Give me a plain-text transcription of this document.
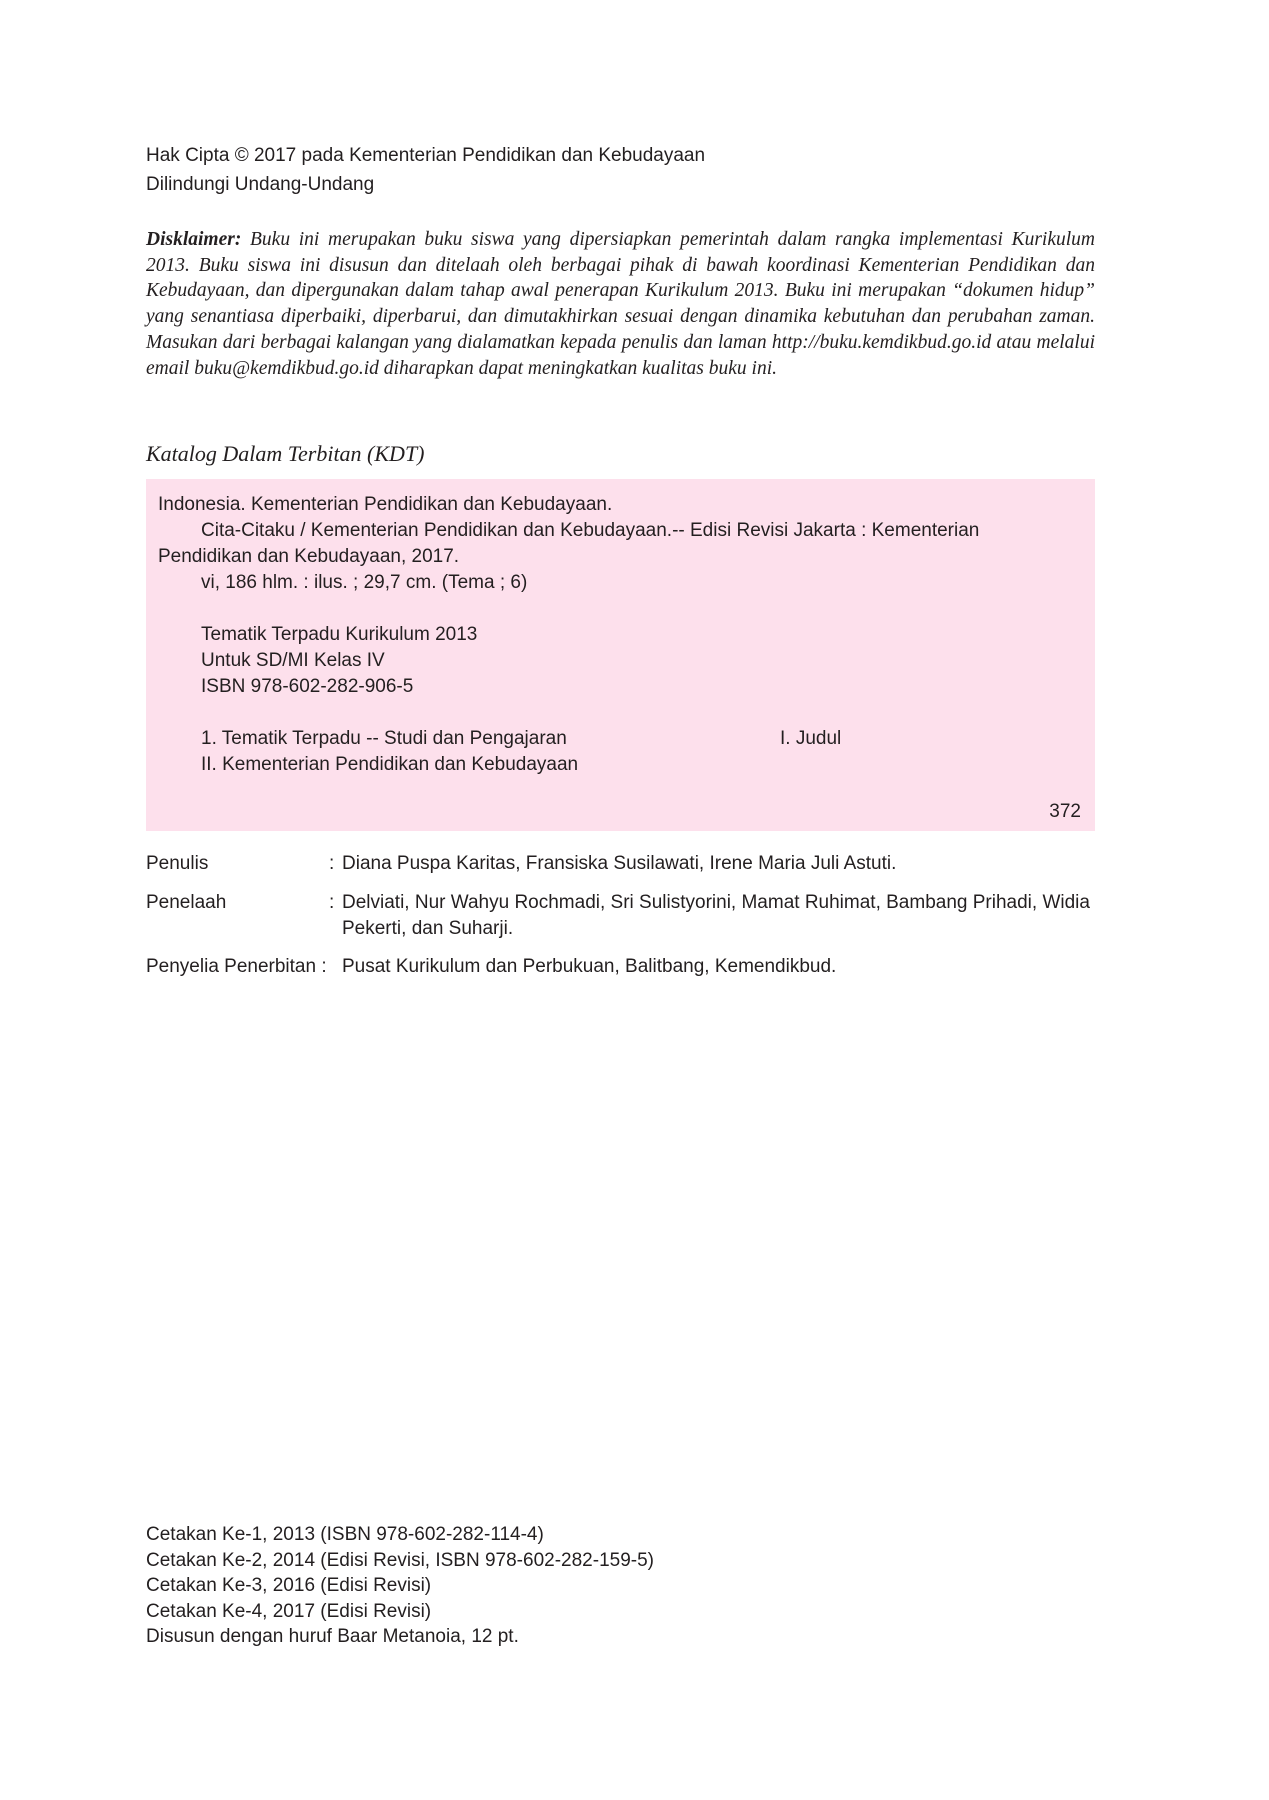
Hak Cipta © 2017 pada Kementerian Pendidikan dan Kebudayaan
Dilindungi Undang-Undang

Disklaimer: Buku ini merupakan buku siswa yang dipersiapkan pemerintah dalam rangka implementasi Kurikulum 2013. Buku siswa ini disusun dan ditelaah oleh berbagai pihak di bawah koordinasi Kementerian Pendidikan dan Kebudayaan, dan dipergunakan dalam tahap awal penerapan Kurikulum 2013. Buku ini merupakan “dokumen hidup” yang senantiasa diperbaiki, diperbarui, dan dimutakhirkan sesuai dengan dinamika kebutuhan dan perubahan zaman. Masukan dari berbagai kalangan yang dialamatkan kepada penulis dan laman http://buku.kemdikbud.go.id atau melalui email buku@kemdikbud.go.id diharapkan dapat meningkatkan kualitas buku ini.

Katalog Dalam Terbitan (KDT)
Indonesia. Kementerian Pendidikan dan Kebudayaan.
Cita-Citaku / Kementerian Pendidikan dan Kebudayaan.-- Edisi Revisi Jakarta : Kementerian
Pendidikan dan Kebudayaan, 2017.
vi, 186 hlm. : ilus. ; 29,7 cm. (Tema ; 6)
Tematik Terpadu Kurikulum 2013
Untuk SD/MI Kelas IV
ISBN 978-602-282-906-5
1. Tematik Terpadu -- Studi dan Pengajaran	I. Judul
II. Kementerian Pendidikan dan Kebudayaan
372
Penulis	: Diana Puspa Karitas, Fransiska Susilawati, Irene Maria Juli Astuti.
Penelaah	: Delviati, Nur Wahyu Rochmadi, Sri Sulistyorini, Mamat Ruhimat, Bambang Prihadi, Widia Pekerti, dan Suharji.
Penyelia Penerbitan : Pusat Kurikulum dan Perbukuan, Balitbang, Kemendikbud.
Cetakan Ke-1, 2013 (ISBN 978-602-282-114-4)
Cetakan Ke-2, 2014 (Edisi Revisi, ISBN 978-602-282-159-5)
Cetakan Ke-3, 2016 (Edisi Revisi)
Cetakan Ke-4, 2017 (Edisi Revisi)
Disusun dengan huruf Baar Metanoia, 12 pt.
